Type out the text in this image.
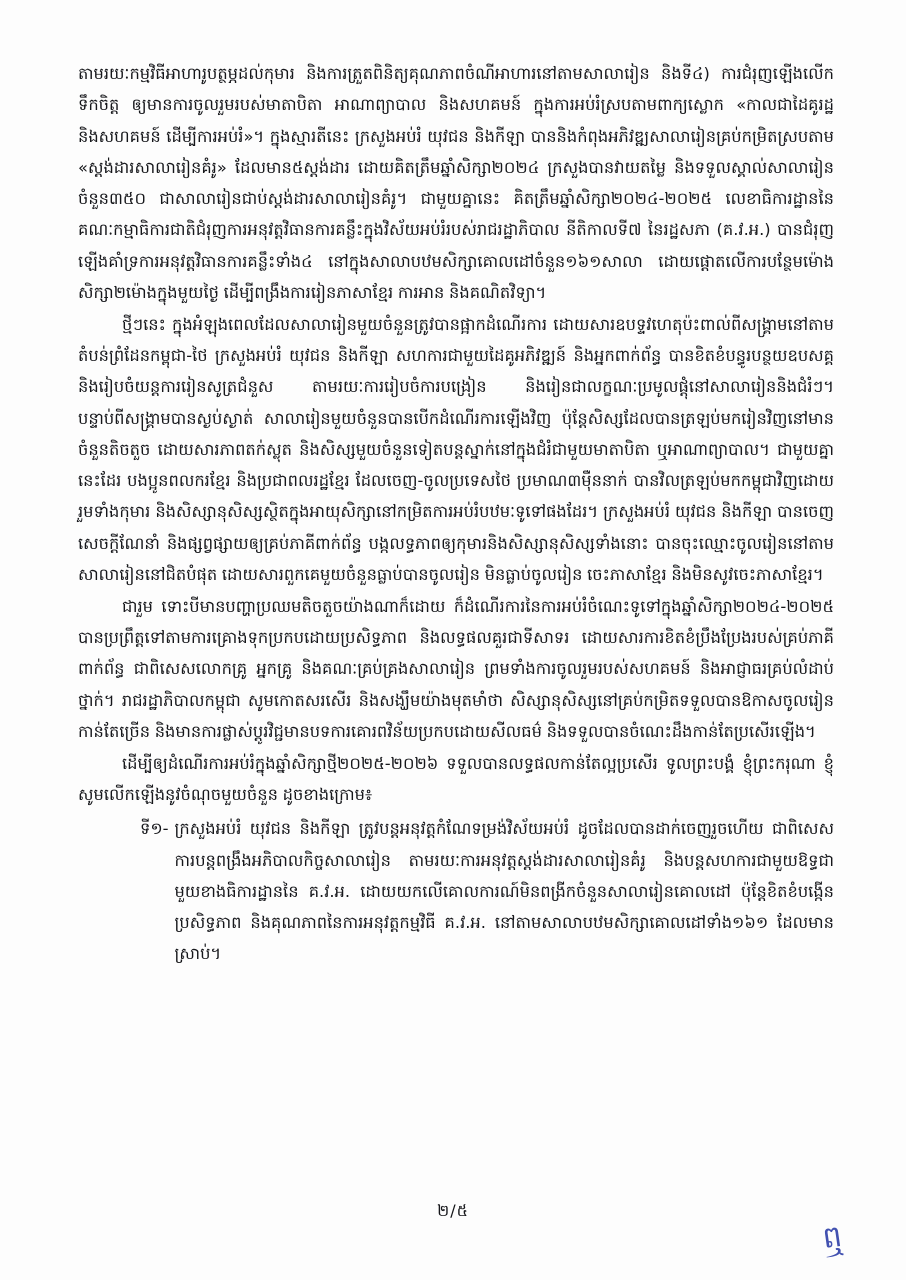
តាមរយៈកម្មវិធីអាហារូបត្ថម្ភដល់កុមារ និងការត្រួតពិនិត្យគុណភាពចំណីអាហារនៅតាមសាលារៀន និងទី៤) ការជំរុញឡើងលើកទឹកចិត្ត ឲ្យមានការចូលរួមរបស់មាតាបិតា អាណាព្យាបាល និងសហគមន៍ ក្នុងការអប់រំស្របតាមពាក្យស្លោក «កាលជាដៃគូរដ្ឋ និងសហគមន៍ ដើម្បីការអប់រំ»។ ក្នុងស្មារតីនេះ ក្រសួងអប់រំ យុវជន និងកីឡា បាននិងកំពុងអភិវឌ្ឍសាលារៀនគ្រប់កម្រិតស្របតាម «ស្តង់ដារសាលារៀនគំរូ» ដែលមាន៥ស្តង់ដារ ដោយគិតត្រឹមឆ្នាំសិក្សា២០២៤ ក្រសួងបានវាយតម្លៃ និងទទួលស្គាល់សាលារៀនចំនួន៣៥០ ជាសាលារៀនជាប់ស្តង់ដារសាលារៀនគំរូ។ ជាមួយគ្នានេះ គិតត្រឹមឆ្នាំសិក្សា២០២៤-២០២៥ លេខាធិការដ្ឋាននៃគណៈកម្មាធិការជាតិជំរុញការអនុវត្តវិធានការគន្លឹះក្នុងវិស័យអប់រំរបស់រាជរដ្ឋាភិបាល នីតិកាលទី៧ នៃរដ្ឋសភា (គ.វ.អ.) បានជំរុញឡើងគាំទ្រការអនុវត្តវិធានការគន្លឹះទាំង៤ នៅក្នុងសាលាបឋមសិក្សាគោលដៅចំនួន១៦១សាលា ដោយផ្ដោតលើការបន្ថែមម៉ោងសិក្សា២ម៉ោងក្នុងមួយថ្ងៃ ដើម្បីពង្រឹងការរៀនភាសាខ្មែរ ការអាន និងគណិតវិទ្យា។

ថ្មីៗនេះ ក្នុងអំឡុងពេលដែលសាលារៀនមួយចំនួនត្រូវបានផ្អាកដំណើរការ ដោយសារឧបទ្ទវហេតុប៉ះពាល់ពីសង្គ្រាមនៅតាមតំបន់ព្រំដែនកម្ពុជា-ថៃ ក្រសួងអប់រំ យុវជន និងកីឡា សហការជាមួយដៃគូអភិវឌ្ឍន៍ និងអ្នកពាក់ព័ន្ធ បានខិតខំបន្ធូរបន្ថយឧបសគ្គនិងរៀបចំយន្តការរៀនសូត្រជំនួស តាមរយៈការរៀបចំការបង្រៀន និងរៀនជាលក្ខណៈប្រមូលផ្ដុំនៅសាលារៀននិងជំរំៗ។ បន្ទាប់ពីសង្គ្រាមបានស្ងប់ស្ងាត់ សាលារៀនមួយចំនួនបានបើកដំណើរការឡើងវិញ ប៉ុន្តែសិស្សដែលបានត្រឡប់មករៀនវិញនៅមានចំនួនតិចតួច ដោយសារភាពតក់ស្លុត និងសិស្សមួយចំនួនទៀតបន្តស្នាក់នៅក្នុងជំរំជាមួយមាតាបិតា ឬអាណាព្យាបាល។ ជាមួយគ្នានេះដែរ បងប្អូនពលករខ្មែរ និងប្រជាពលរដ្ឋខ្មែរ ដែលចេញ-ចូលប្រទេសថៃ ប្រមាណ៣ម៉ឺននាក់ បានវិលត្រឡប់មកកម្ពុជាវិញដោយរួមទាំងកុមារ និងសិស្សានុសិស្សស្ថិតក្នុងអាយុសិក្សានៅកម្រិតការអប់រំបឋមៈទូទៅផងដែរ។ ក្រសួងអប់រំ យុវជន និងកីឡា បានចេញសេចក្ដីណែនាំ និងផ្សព្វផ្សាយឲ្យគ្រប់ភាគីពាក់ព័ន្ធ បង្កលទ្ធភាពឲ្យកុមារនិងសិស្សានុសិស្សទាំងនោះ បានចុះឈ្មោះចូលរៀននៅតាមសាលារៀននៅជិតបំផុត ដោយសារពួកគេមួយចំនួនធ្លាប់បានចូលរៀន មិនធ្លាប់ចូលរៀន ចេះភាសាខ្មែរ និងមិនសូវចេះភាសាខ្មែរ។

ជារួម ទោះបីមានបញ្ហាប្រឈមតិចតួចយ៉ាងណាក៏ដោយ ក៏ដំណើរការនៃការអប់រំចំណេះទូទៅក្នុងឆ្នាំសិក្សា២០២៤-២០២៥ បានប្រព្រឹត្តទៅតាមការគ្រោងទុកប្រកបដោយប្រសិទ្ធភាព និងលទ្ធផលគួរជាទីសាទរ ដោយសារការខិតខំប្រឹងប្រែងរបស់គ្រប់ភាគីពាក់ព័ន្ធ ជាពិសេសលោកគ្រូ អ្នកគ្រូ និងគណៈគ្រប់គ្រងសាលារៀន ព្រមទាំងការចូលរួមរបស់សហគមន៍ និងអាជ្ញាធរគ្រប់លំដាប់ថ្នាក់។ រាជរដ្ឋាភិបាលកម្ពុជា សូមកោតសរសើរ និងសង្ឃឹមយ៉ាងមុតមាំថា សិស្សានុសិស្សនៅគ្រប់កម្រិតទទួលបានឱកាសចូលរៀនកាន់តែច្រើន និងមានការផ្លាស់ប្ដូរវិជ្ជមានបទការគោរពវិន័យប្រកបដោយសីលធម៌ និងទទួលបានចំណេះដឹងកាន់តែប្រសើរឡើង។

ដើម្បីឲ្យដំណើរការអប់រំក្នុងឆ្នាំសិក្សាថ្មី២០២៥-២០២៦ ទទួលបានលទ្ធផលកាន់តែល្អប្រសើរ ទូលព្រះបង្គំ ខ្ញុំព្រះករុណា ខ្ញុំសូមលើកឡើងនូវចំណុចមួយចំនួន ដូចខាងក្រោម៖

ទី១- ក្រសួងអប់រំ យុវជន និងកីឡា ត្រូវបន្តអនុវត្តកំណែទម្រង់វិស័យអប់រំ ដូចដែលបានដាក់ចេញរួចហើយ ជាពិសេសការបន្តពង្រឹងអភិបាលកិច្ចសាលារៀន តាមរយៈការអនុវត្តស្តង់ដារសាលារៀនគំរូ និងបន្តសហការជាមួយឱទ្ធជាមួយខាងធិការដ្ឋាននៃ គ.វ.អ. ដោយយកលើគោលការណ៍មិនពង្រីកចំនួនសាលារៀនគោលដៅ ប៉ុន្តែខិតខំបង្កើនប្រសិទ្ធភាព និងគុណភាពនៃការអនុវត្តកម្មវិធី គ.វ.អ. នៅតាមសាលាបឋមសិក្សាគោលដៅទាំង១៦១ ដែលមានស្រាប់។
២/៥
ឮ
